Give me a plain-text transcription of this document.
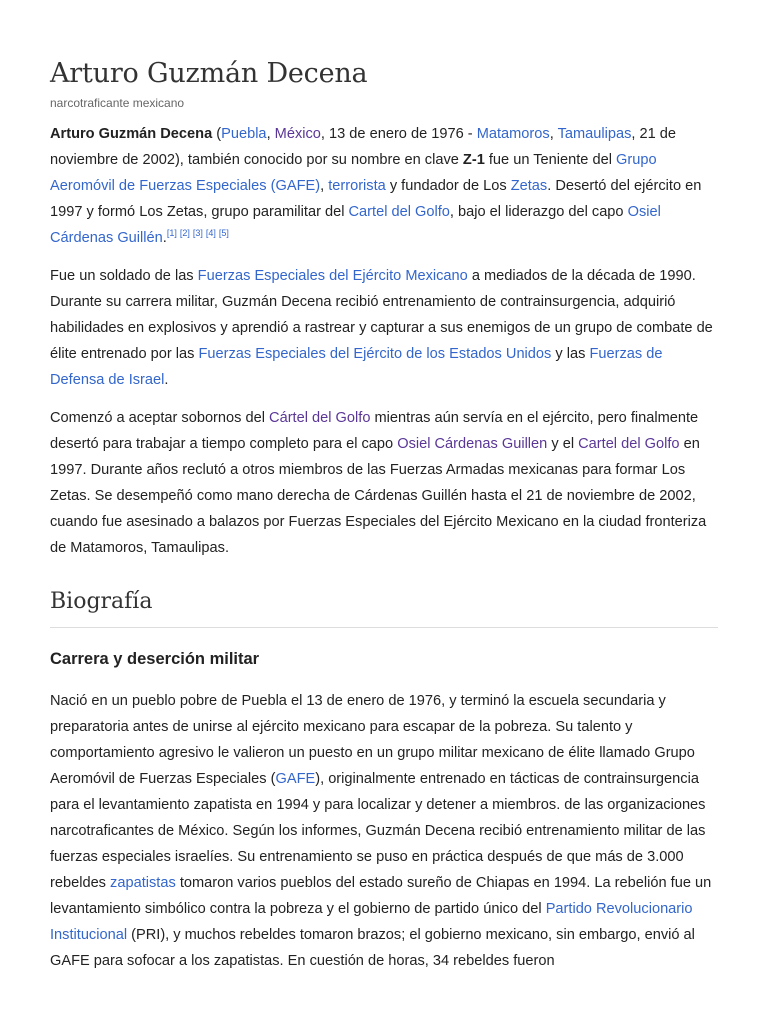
Arturo Guzmán Decena
narcotraficante mexicano

Arturo Guzmán Decena (Puebla, México, 13 de enero de 1976 - Matamoros, Tamaulipas, 21 de noviembre de 2002), también conocido por su nombre en clave Z-1 fue un Teniente del Grupo Aeromóvil de Fuerzas Especiales (GAFE), terrorista y fundador de Los Zetas. Desertó del ejército en 1997 y formó Los Zetas, grupo paramilitar del Cartel del Golfo, bajo el liderazgo del capo Osiel Cárdenas Guillén.[1] [2] [3] [4] [5]

Fue un soldado de las Fuerzas Especiales del Ejército Mexicano a mediados de la década de 1990. Durante su carrera militar, Guzmán Decena recibió entrenamiento de contrainsurgencia, adquirió habilidades en explosivos y aprendió a rastrear y capturar a sus enemigos de un grupo de combate de élite entrenado por las Fuerzas Especiales del Ejército de los Estados Unidos y las Fuerzas de Defensa de Israel.

Comenzó a aceptar sobornos del Cártel del Golfo mientras aún servía en el ejército, pero finalmente desertó para trabajar a tiempo completo para el capo Osiel Cárdenas Guillen y el Cartel del Golfo en 1997. Durante años reclutó a otros miembros de las Fuerzas Armadas mexicanas para formar Los Zetas. Se desempeñó como mano derecha de Cárdenas Guillén hasta el 21 de noviembre de 2002, cuando fue asesinado a balazos por Fuerzas Especiales del Ejército Mexicano en la ciudad fronteriza de Matamoros, Tamaulipas.

Biografía
Carrera y deserción militar

Nació en un pueblo pobre de Puebla el 13 de enero de 1976, y terminó la escuela secundaria y preparatoria antes de unirse al ejército mexicano para escapar de la pobreza. Su talento y comportamiento agresivo le valieron un puesto en un grupo militar mexicano de élite llamado Grupo Aeromóvil de Fuerzas Especiales (GAFE), originalmente entrenado en tácticas de contrainsurgencia para el levantamiento zapatista en 1994 y para localizar y detener a miembros. de las organizaciones narcotraficantes de México. Según los informes, Guzmán Decena recibió entrenamiento militar de las fuerzas especiales israelíes. Su entrenamiento se puso en práctica después de que más de 3.000 rebeldes zapatistas tomaron varios pueblos del estado sureño de Chiapas en 1994. La rebelión fue un levantamiento simbólico contra la pobreza y el gobierno de partido único del Partido Revolucionario Institucional (PRI), y muchos rebeldes tomaron brazos; el gobierno mexicano, sin embargo, envió al GAFE para sofocar a los zapatistas. En cuestión de horas, 34 rebeldes fueron
